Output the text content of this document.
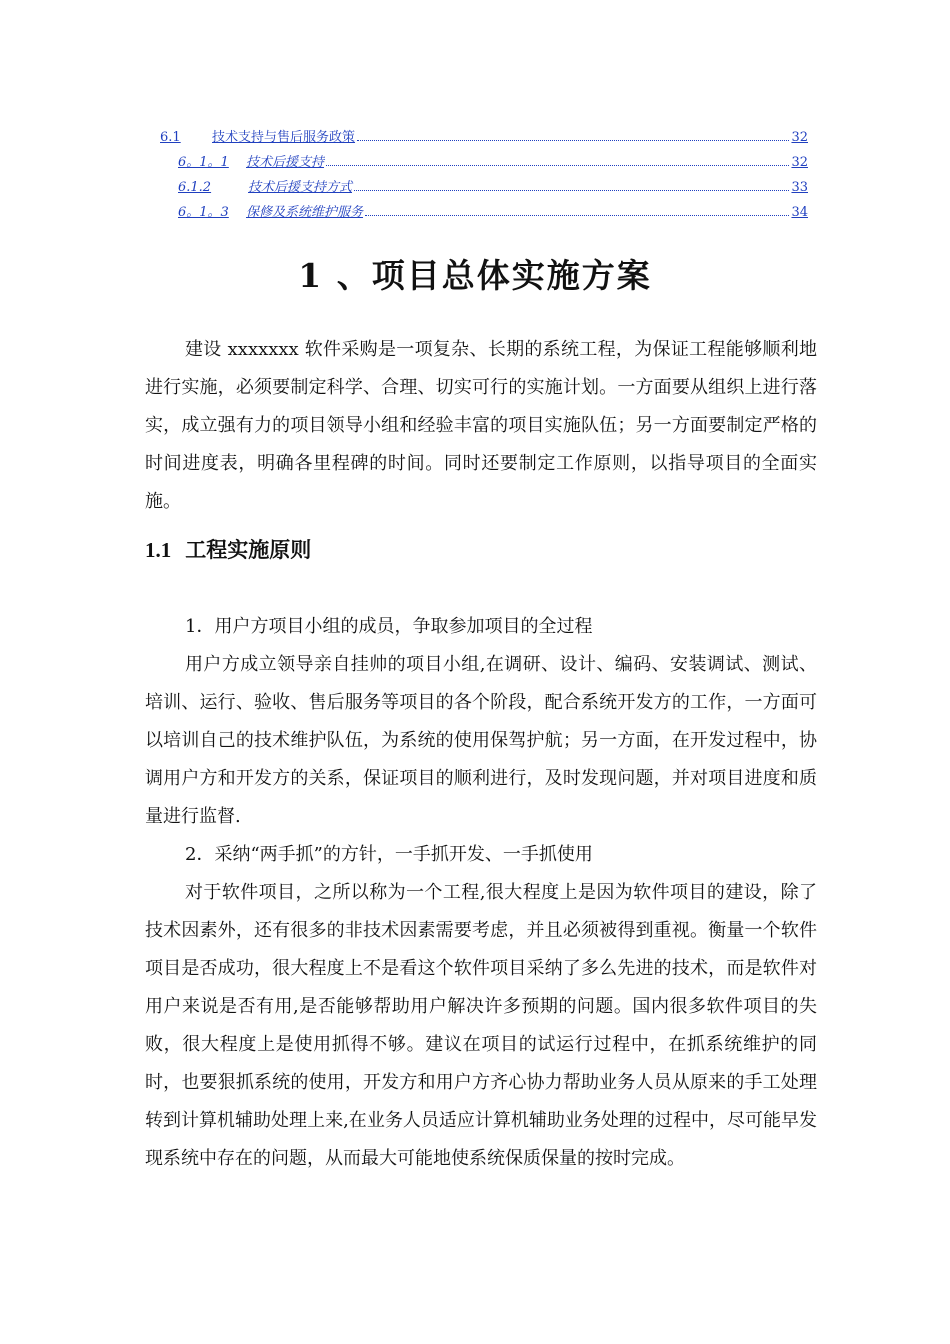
6.1	技术支持与售后服务政策	32
6。1。1	技术后援支持	32
6.1.2	技术后援支持方式	33
6。1。3	保修及系统维护服务	34
1 、项目总体实施方案

建设 xxxxxxx 软件采购是一项复杂、长期的系统工程，为保证工程能够顺利地进行实施，必须要制定科学、合理、切实可行的实施计划。一方面要从组织上进行落实，成立强有力的项目领导小组和经验丰富的项目实施队伍；另一方面要制定严格的时间进度表，明确各里程碑的时间。同时还要制定工作原则，以指导项目的全面实施。

1.1 工程实施原则

1．用户方项目小组的成员，争取参加项目的全过程

用户方成立领导亲自挂帅的项目小组,在调研、设计、编码、安装调试、测试、培训、运行、验收、售后服务等项目的各个阶段，配合系统开发方的工作，一方面可以培训自己的技术维护队伍，为系统的使用保驾护航；另一方面，在开发过程中，协调用户方和开发方的关系，保证项目的顺利进行，及时发现问题，并对项目进度和质量进行监督.

2．采纳“两手抓”的方针，一手抓开发、一手抓使用

对于软件项目，之所以称为一个工程,很大程度上是因为软件项目的建设，除了技术因素外，还有很多的非技术因素需要考虑，并且必须被得到重视。衡量一个软件项目是否成功，很大程度上不是看这个软件项目采纳了多么先进的技术，而是软件对用户来说是否有用,是否能够帮助用户解决许多预期的问题。国内很多软件项目的失败，很大程度上是使用抓得不够。建议在项目的试运行过程中，在抓系统维护的同时，也要狠抓系统的使用，开发方和用户方齐心协力帮助业务人员从原来的手工处理转到计算机辅助处理上来,在业务人员适应计算机辅助业务处理的过程中，尽可能早发现系统中存在的问题，从而最大可能地使系统保质保量的按时完成。
